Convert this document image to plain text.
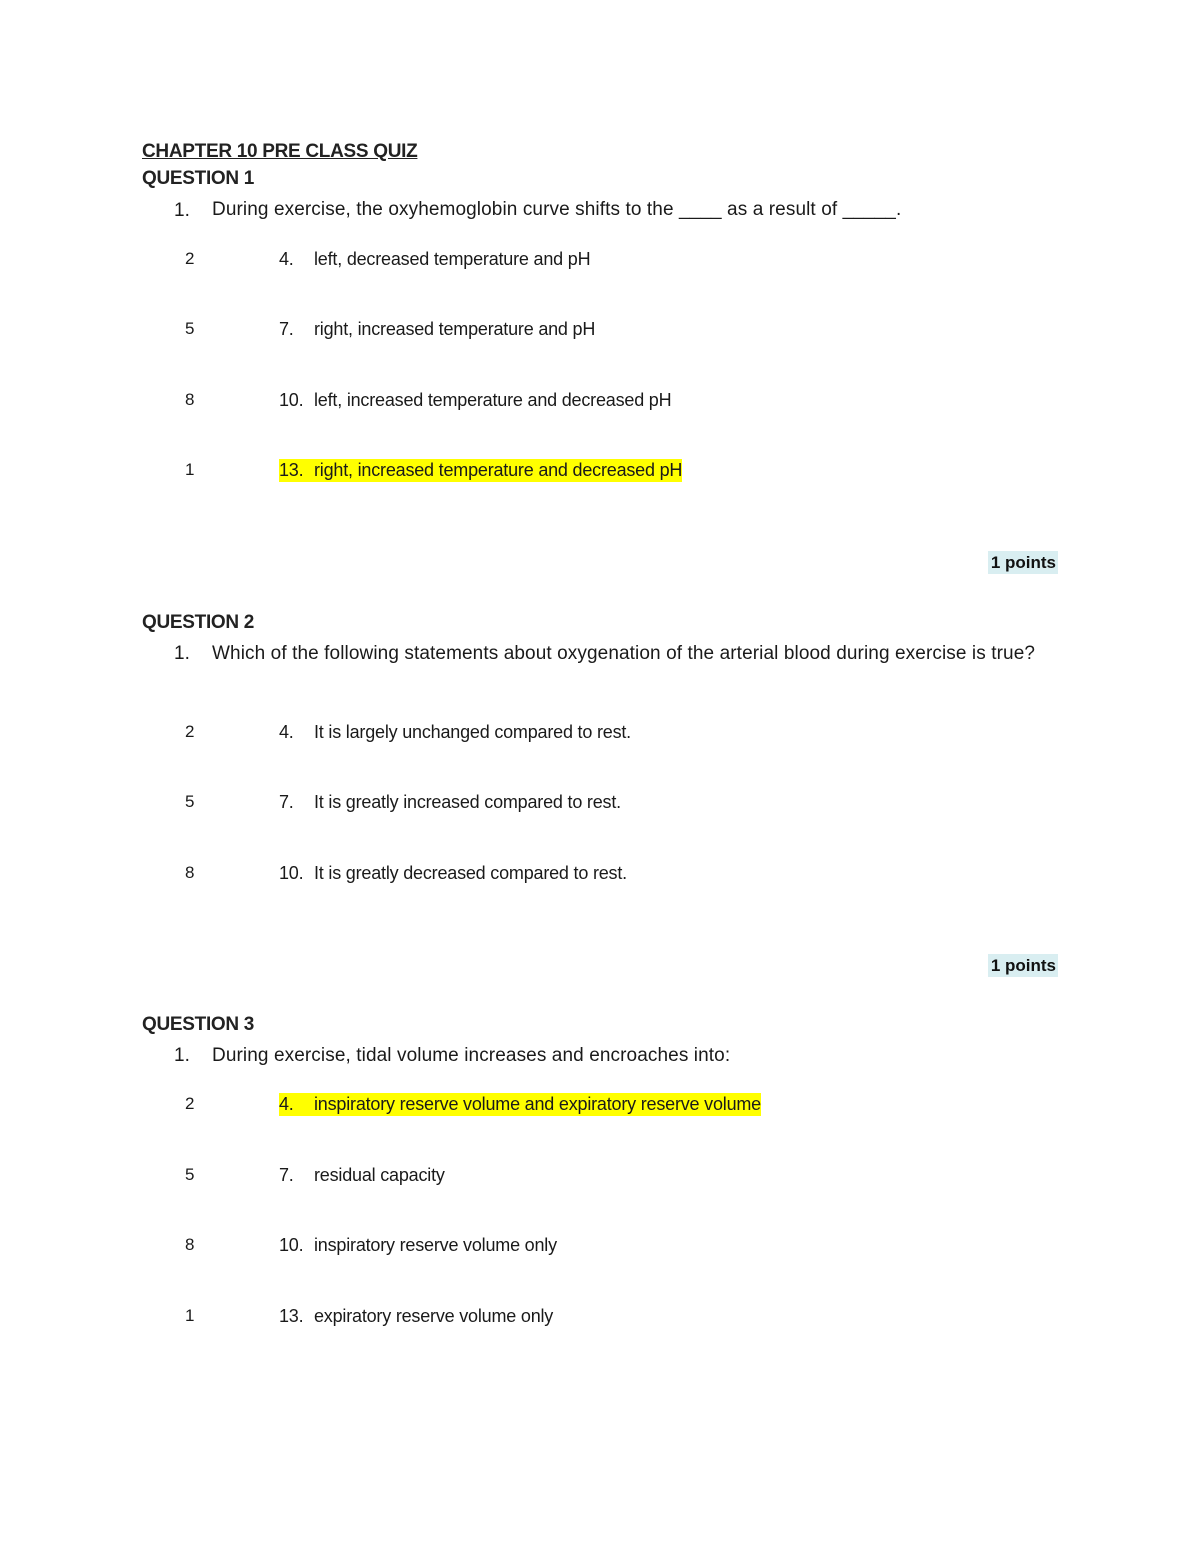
CHAPTER 10 PRE CLASS QUIZ
QUESTION 1
1. During exercise, the oxyhemoglobin curve shifts to the ____ as a result of _____.
2	4. left, decreased temperature and pH
5	7. right, increased temperature and pH
8	10. left, increased temperature and decreased pH
1	13. right, increased temperature and decreased pH
1 points
QUESTION 2
1. Which of the following statements about oxygenation of the arterial blood during exercise is true?
2	4. It is largely unchanged compared to rest.
5	7. It is greatly increased compared to rest.
8	10. It is greatly decreased compared to rest.
1 points
QUESTION 3
1. During exercise, tidal volume increases and encroaches into:
2	4. inspiratory reserve volume and expiratory reserve volume
5	7. residual capacity
8	10. inspiratory reserve volume only
1	13. expiratory reserve volume only
